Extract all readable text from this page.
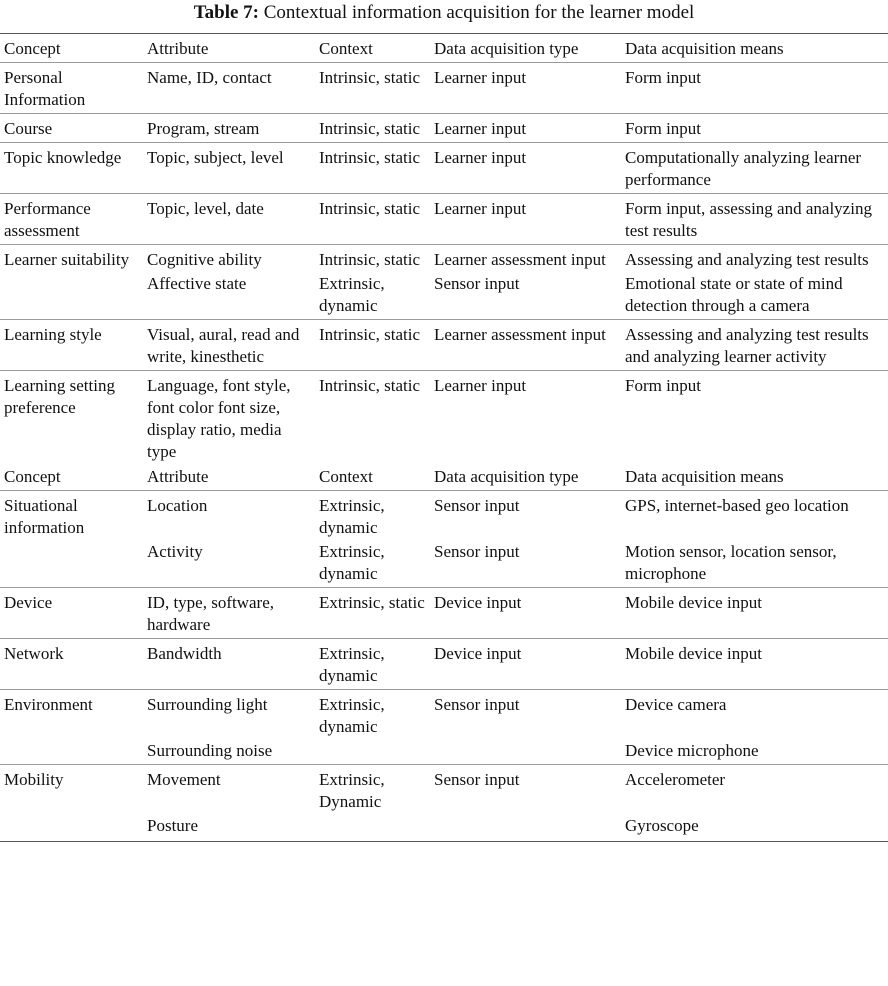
Table 7: Contextual information acquisition for the learner model
Concept	Attribute	Context	Data acquisition type	Data acquisition means
Personal Information	Name, ID, contact	Intrinsic, static	Learner input	Form input
Course	Program, stream	Intrinsic, static	Learner input	Form input
Topic knowledge	Topic, subject, level	Intrinsic, static	Learner input	Computationally analyzing learner performance
Performance assessment	Topic, level, date	Intrinsic, static	Learner input	Form input, assessing and analyzing test results
Learner suitability	Cognitive ability	Intrinsic, static	Learner assessment input	Assessing and analyzing test results
	Affective state	Extrinsic, dynamic	Sensor input	Emotional state or state of mind detection through a camera
Learning style	Visual, aural, read and write, kinesthetic	Intrinsic, static	Learner assessment input	Assessing and analyzing test results and analyzing learner activity
Learning setting preference	Language, font style, font color font size, display ratio, media type	Intrinsic, static	Learner input	Form input
Concept	Attribute	Context	Data acquisition type	Data acquisition means
Situational information	Location	Extrinsic, dynamic	Sensor input	GPS, internet-based geo location
	Activity	Extrinsic, dynamic	Sensor input	Motion sensor, location sensor, microphone
Device	ID, type, software, hardware	Extrinsic, static	Device input	Mobile device input
Network	Bandwidth	Extrinsic, dynamic	Device input	Mobile device input
Environment	Surrounding light	Extrinsic, dynamic	Sensor input	Device camera
	Surrounding noise			Device microphone
Mobility	Movement	Extrinsic, Dynamic	Sensor input	Accelerometer
	Posture			Gyroscope
